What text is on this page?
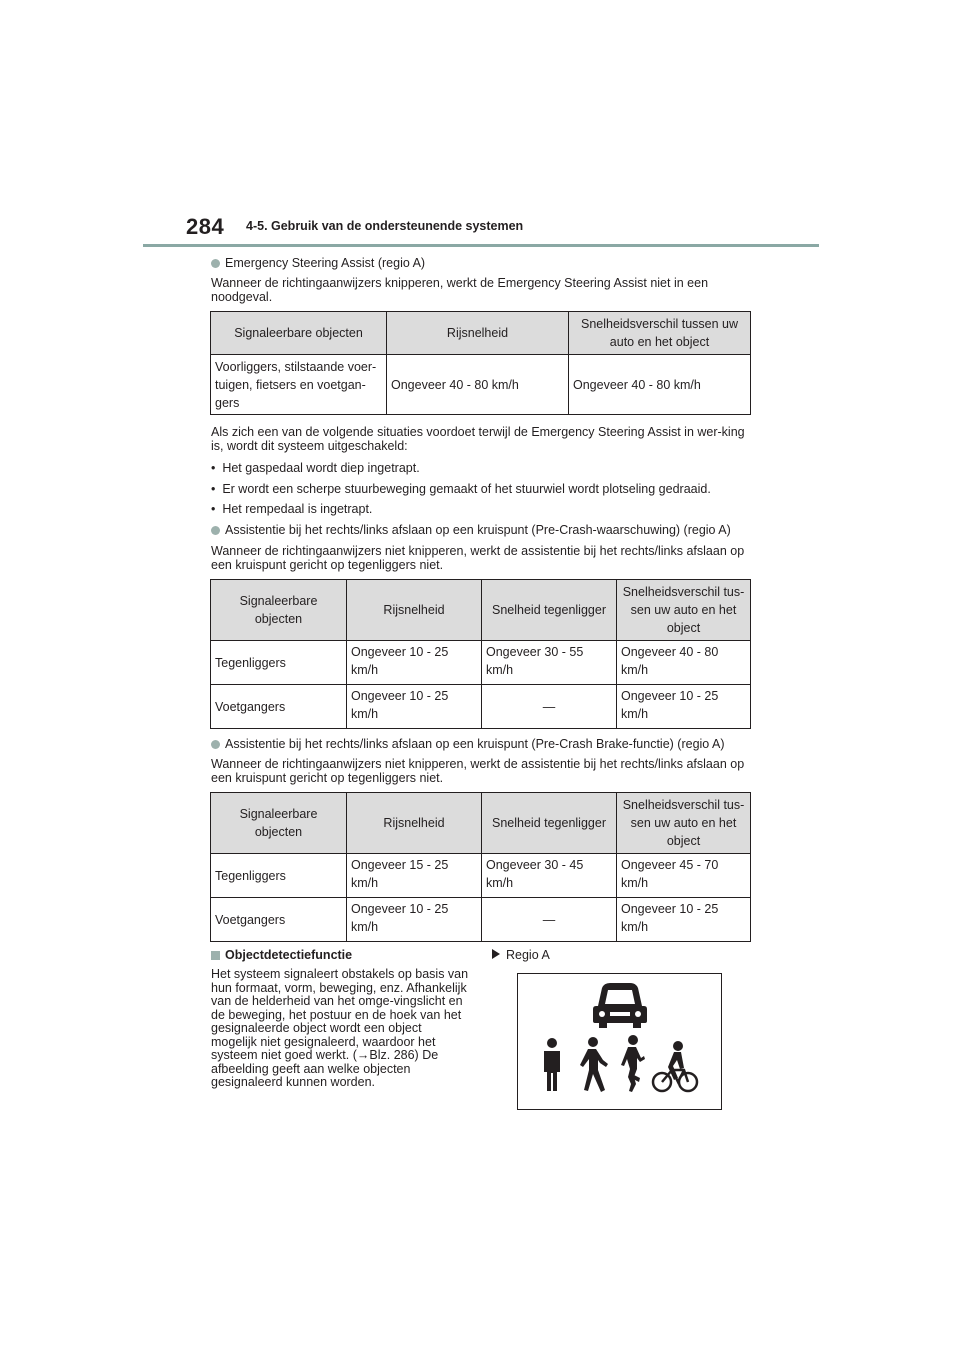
284 4-5. Gebruik van de ondersteunende systemen
Emergency Steering Assist (regio A)
Wanneer de richtingaanwijzers knipperen, werkt de Emergency Steering Assist niet in een noodgeval.
Signaleerbare objecten	Rijsnelheid	Snelheidsverschil tussen uw auto en het object
Voorliggers, stilstaande voer-tuigen, fietsers en voetgan-gers	Ongeveer 40 - 80 km/h	Ongeveer 40 - 80 km/h
Als zich een van de volgende situaties voordoet terwijl de Emergency Steering Assist in wer-king is, wordt dit systeem uitgeschakeld:
•  Het gaspedaal wordt diep ingetrapt.
•  Er wordt een scherpe stuurbeweging gemaakt of het stuurwiel wordt plotseling gedraaid.
•  Het rempedaal is ingetrapt.
Assistentie bij het rechts/links afslaan op een kruispunt (Pre-Crash-waarschuwing) (regio A)
Wanneer de richtingaanwijzers niet knipperen, werkt de assistentie bij het rechts/links afslaan op een kruispunt gericht op tegenliggers niet.
Signaleerbare objecten	Rijsnelheid	Snelheid tegenligger	Snelheidsverschil tus-sen uw auto en het object
Tegenliggers	Ongeveer 10 - 25 km/h	Ongeveer 30 - 55 km/h	Ongeveer 40 - 80 km/h
Voetgangers	Ongeveer 10 - 25 km/h	—	Ongeveer 10 - 25 km/h
Assistentie bij het rechts/links afslaan op een kruispunt (Pre-Crash Brake-functie) (regio A)
Wanneer de richtingaanwijzers niet knipperen, werkt de assistentie bij het rechts/links afslaan op een kruispunt gericht op tegenliggers niet.
Signaleerbare objecten	Rijsnelheid	Snelheid tegenligger	Snelheidsverschil tus-sen uw auto en het object
Tegenliggers	Ongeveer 15 - 25 km/h	Ongeveer 30 - 45 km/h	Ongeveer 45 - 70 km/h
Voetgangers	Ongeveer 10 - 25 km/h	—	Ongeveer 10 - 25 km/h
Objectdetectiefunctie
Het systeem signaleert obstakels op basis van hun formaat, vorm, beweging, enz. Afhankelijk van de helderheid van het omge-vingslicht en de beweging, het postuur en de hoek van het gesignaleerde object wordt een object mogelijk niet gesignaleerd, waardoor het systeem niet goed werkt. (→Blz. 286) De afbeelding geeft aan welke objecten gesignaleerd kunnen worden.
Regio A
